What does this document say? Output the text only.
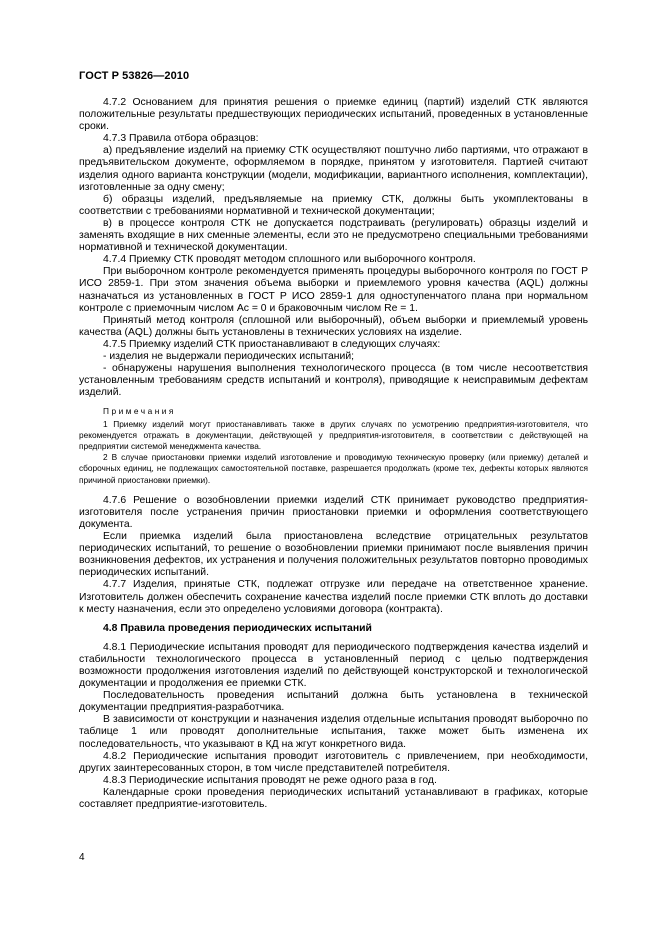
ГОСТ Р 53826—2010

4.7.2 Основанием для принятия решения о приемке единиц (партий) изделий СТК являются положительные результаты предшествующих периодических испытаний, проведенных в установленные сроки.

4.7.3 Правила отбора образцов:

а) предъявление изделий на приемку СТК осуществляют поштучно либо партиями, что отражают в предъявительском документе, оформляемом в порядке, принятом у изготовителя. Партией считают изделия одного варианта конструкции (модели, модификации, вариантного исполнения, комплектации), изготовленные за одну смену;

б) образцы изделий, предъявляемые на приемку СТК, должны быть укомплектованы в соответствии с требованиями нормативной и технической документации;

в) в процессе контроля СТК не допускается подстраивать (регулировать) образцы изделий и заменять входящие в них сменные элементы, если это не предусмотрено специальными требованиями нормативной и технической документации.

4.7.4 Приемку СТК проводят методом сплошного или выборочного контроля.

При выборочном контроле рекомендуется применять процедуры выборочного контроля по ГОСТ Р ИСО 2859-1. При этом значения объема выборки и приемлемого уровня качества (AQL) должны назначаться из установленных в ГОСТ Р ИСО 2859-1 для одноступенчатого плана при нормальном контроле с приемочным числом Ac = 0 и браковочным числом Re = 1.

Принятый метод контроля (сплошной или выборочный), объем выборки и приемлемый уровень качества (AQL) должны быть установлены в технических условиях на изделие.

4.7.5 Приемку изделий СТК приостанавливают в следующих случаях:

- изделия не выдержали периодических испытаний;

- обнаружены нарушения выполнения технологического процесса (в том числе несоответствия установленным требованиям средств испытаний и контроля), приводящие к неисправимым дефектам изделий.

Примечания

1 Приемку изделий могут приостанавливать также в других случаях по усмотрению предприятия-изготовителя, что рекомендуется отражать в документации, действующей у предприятия-изготовителя, в соответствии с действующей на предприятии системой менеджмента качества.

2 В случае приостановки приемки изделий изготовление и проводимую техническую проверку (или приемку) деталей и сборочных единиц, не подлежащих самостоятельной поставке, разрешается продолжать (кроме тех, дефекты которых являются причиной приостановки приемки).

4.7.6 Решение о возобновлении приемки изделий СТК принимает руководство предприятия-изготовителя после устранения причин приостановки приемки и оформления соответствующего документа.

Если приемка изделий была приостановлена вследствие отрицательных результатов периодических испытаний, то решение о возобновлении приемки принимают после выявления причин возникновения дефектов, их устранения и получения положительных результатов повторно проводимых периодических испытаний.

4.7.7 Изделия, принятые СТК, подлежат отгрузке или передаче на ответственное хранение. Изготовитель должен обеспечить сохранение качества изделий после приемки СТК вплоть до доставки к месту назначения, если это определено условиями договора (контракта).

4.8 Правила проведения периодических испытаний

4.8.1 Периодические испытания проводят для периодического подтверждения качества изделий и стабильности технологического процесса в установленный период с целью подтверждения возможности продолжения изготовления изделий по действующей конструкторской и технологической документации и продолжения ее приемки СТК.

Последовательность проведения испытаний должна быть установлена в технической документации предприятия-разработчика.

В зависимости от конструкции и назначения изделия отдельные испытания проводят выборочно по таблице 1 или проводят дополнительные испытания, также может быть изменена их последовательность, что указывают в КД на жгут конкретного вида.

4.8.2 Периодические испытания проводит изготовитель с привлечением, при необходимости, других заинтересованных сторон, в том числе представителей потребителя.

4.8.3 Периодические испытания проводят не реже одного раза в год.

Календарные сроки проведения периодических испытаний устанавливают в графиках, которые составляет предприятие-изготовитель.

4
